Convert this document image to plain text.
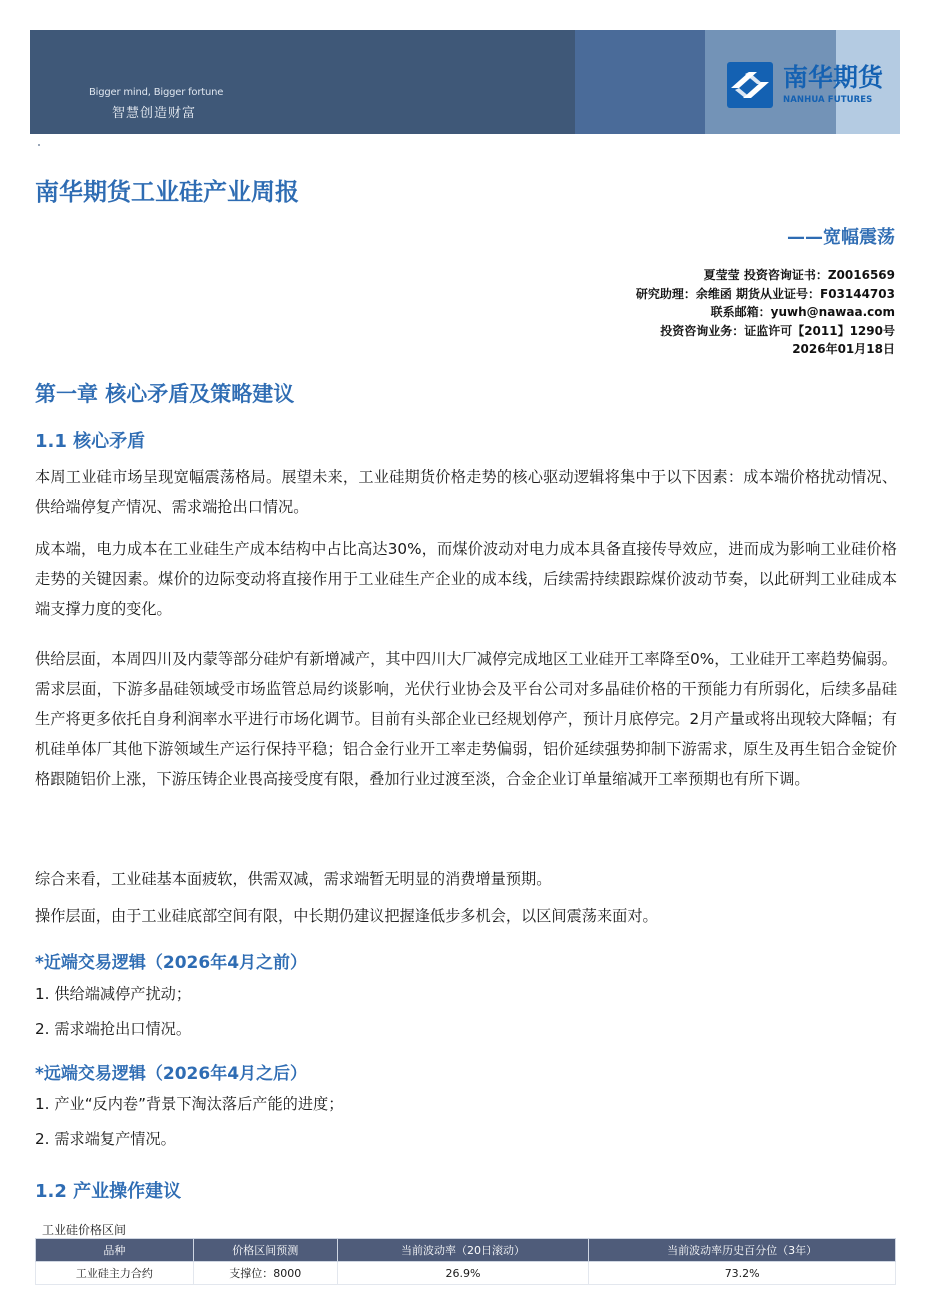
Bigger mind, Bigger fortune
智慧创造财富
南华期货
NANHUA FUTURES
南华期货工业硅产业周报
——宽幅震荡
夏莹莹 投资咨询证书：Z0016569
研究助理：余维函 期货从业证号：F03144703
联系邮箱：yuwh@nawaa.com
投资咨询业务：证监许可【2011】1290号
2026年01月18日
第一章 核心矛盾及策略建议
1.1 核心矛盾
本周工业硅市场呈现宽幅震荡格局。展望未来，工业硅期货价格走势的核心驱动逻辑将集中于以下因素：成本端价格扰动情况、供给端停复产情况、需求端抢出口情况。
成本端，电力成本在工业硅生产成本结构中占比高达30%，而煤价波动对电力成本具备直接传导效应，进而成为影响工业硅价格走势的关键因素。煤价的边际变动将直接作用于工业硅生产企业的成本线，后续需持续跟踪煤价波动节奏，以此研判工业硅成本端支撑力度的变化。
供给层面，本周四川及内蒙等部分硅炉有新增减产，其中四川大厂减停完成地区工业硅开工率降至0%，工业硅开工率趋势偏弱。需求层面，下游多晶硅领域受市场监管总局约谈影响，光伏行业协会及平台公司对多晶硅价格的干预能力有所弱化，后续多晶硅生产将更多依托自身利润率水平进行市场化调节。目前有头部企业已经规划停产，预计月底停完。2月产量或将出现较大降幅；有机硅单体厂其他下游领域生产运行保持平稳；铝合金行业开工率走势偏弱，铝价延续强势抑制下游需求，原生及再生铝合金锭价格跟随铝价上涨，下游压铸企业畏高接受度有限，叠加行业过渡至淡，合金企业订单量缩减开工率预期也有所下调。
综合来看，工业硅基本面疲软，供需双减，需求端暂无明显的消费增量预期。
操作层面，由于工业硅底部空间有限，中长期仍建议把握逢低步多机会，以区间震荡来面对。
*近端交易逻辑（2026年4月之前）
1. 供给端减停产扰动；
2. 需求端抢出口情况。
*远端交易逻辑（2026年4月之后）
1. 产业“反内卷”背景下淘汰落后产能的进度；
2. 需求端复产情况。
1.2 产业操作建议
工业硅价格区间
品种	价格区间预测	当前波动率（20日滚动）	当前波动率历史百分位（3年）
工业硅主力合约	支撑位：8000	26.9%	73.2%
